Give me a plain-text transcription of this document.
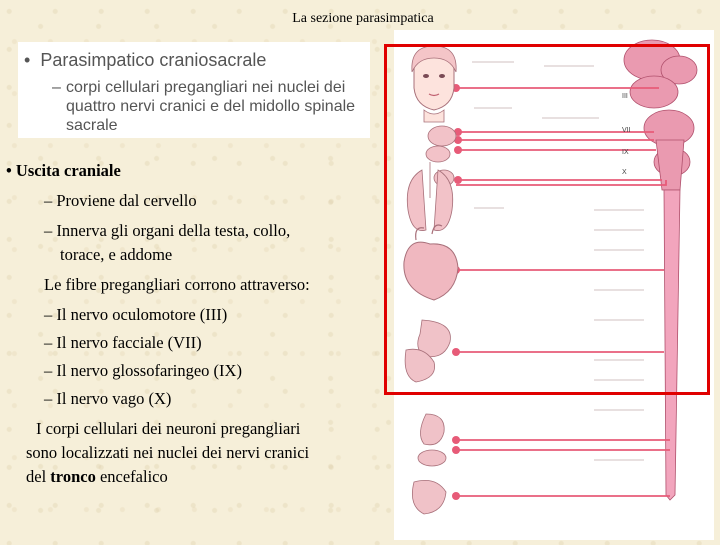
La sezione parasimpatica
• Parasimpatico craniosacrale
– corpi cellulari pregangliari nei nuclei dei quattro nervi cranici e del midollo spinale sacrale
• Uscita craniale
– Proviene dal cervello
– Innerva gli organi della testa, collo,
torace, e addome
Le fibre pregangliari corrono attraverso:
– Il nervo oculomotore (III)
– Il nervo facciale (VII)
– Il nervo glossofaringeo (IX)
– Il nervo vago (X)
I corpi cellulari dei neuroni pregangliari
sono localizzati nei nuclei dei nervi cranici
del tronco encefalico
III
VII
IX
X
